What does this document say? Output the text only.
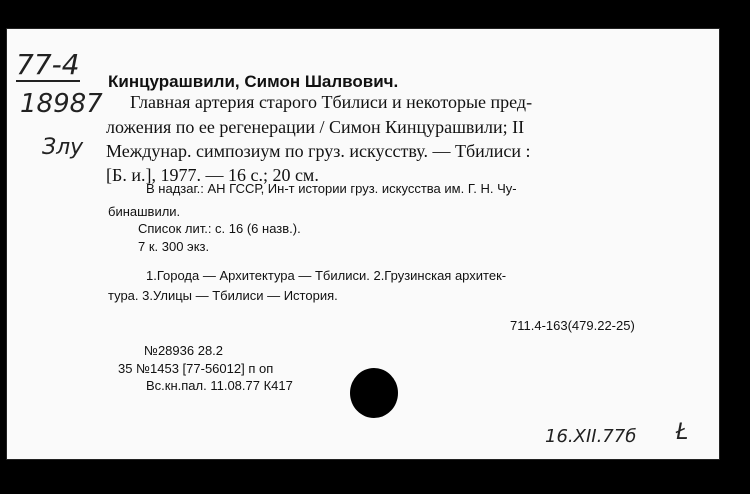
77-4
18987
Злу
Кинцурашвили, Симон Шалвович.
Главная артерия старого Тбилиси и некоторые пред-
ложения по ее регенерации / Симон Кинцурашвили; II
Междунар. симпозиум по груз. искусству. — Тбилиси :
[Б. и.], 1977. — 16 с.; 20 см.
В надзаг.: АН ГССР, Ин-т истории груз. искусства им. Г. Н. Чу-
бинашвили.
Список лит.: с. 16 (6 назв.).
7 к. 300 экз.
1.Города — Архитектура — Тбилиси. 2.Грузинская архитек-
тура. 3.Улицы — Тбилиси — История.
711.4-163(479.22-25)
№28936 28.2
35 №1453 [77-56012] п оп
Вс.кн.пал. 11.08.77 К417
16.XII.77б Ł
